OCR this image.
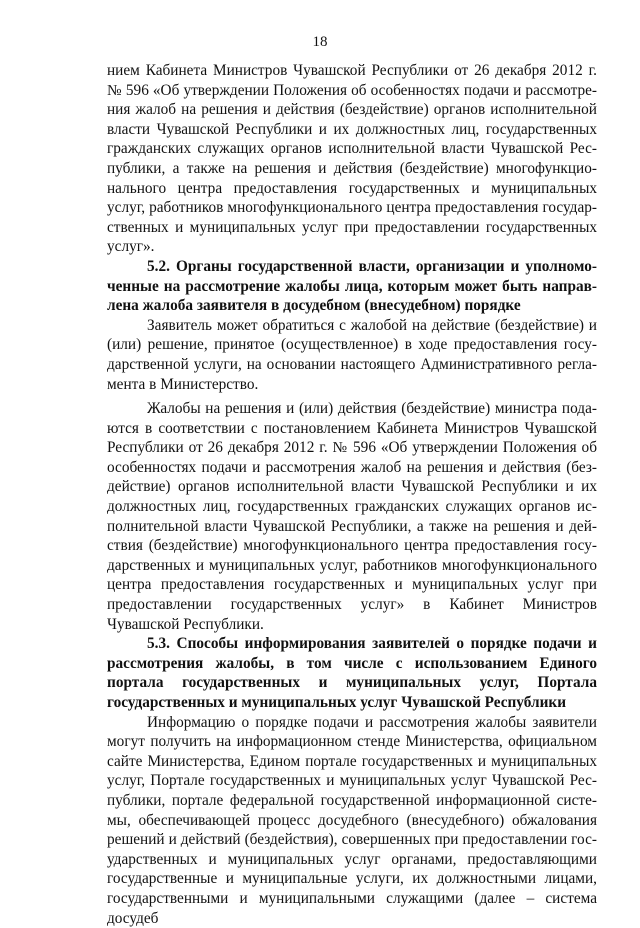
18

нием Кабинета Министров Чувашской Республики от 26 декабря 2012 г. № 596 «Об утверждении Положения об особенностях подачи и рассмотрения жалоб на решения и действия (бездействие) органов исполнительной власти Чувашской Республики и их должностных лиц, государственных гражданских служащих органов исполнительной власти Чувашской Республики, а также на решения и действия (бездействие) многофункционального центра предоставления государственных и муниципальных услуг, работников многофункционального центра предоставления государственных и муниципальных услуг при предоставлении государственных услуг».

5.2. Органы государственной власти, организации и уполномоченные на рассмотрение жалобы лица, которым может быть направлена жалоба заявителя в досудебном (внесудебном) порядке

Заявитель может обратиться с жалобой на действие (бездействие) и (или) решение, принятое (осуществленное) в ходе предоставления государственной услуги, на основании настоящего Административного регламента в Министерство.

Жалобы на решения и (или) действия (бездействие) министра подаются в соответствии с постановлением Кабинета Министров Чувашской Республики от 26 декабря 2012 г. № 596 «Об утверждении Положения об особенностях подачи и рассмотрения жалоб на решения и действия (бездействие) органов исполнительной власти Чувашской Республики и их должностных лиц, государственных гражданских служащих органов исполнительной власти Чувашской Республики, а также на решения и действия (бездействие) многофункционального центра предоставления государственных и муниципальных услуг, работников многофункционального центра предоставления государственных и муниципальных услуг при предоставлении государственных услуг» в Кабинет Министров Чувашской Республики.

5.3. Способы информирования заявителей о порядке подачи и рассмотрения жалобы, в том числе с использованием Единого портала государственных и муниципальных услуг, Портала государственных и муниципальных услуг Чувашской Республики

Информацию о порядке подачи и рассмотрения жалобы заявители могут получить на информационном стенде Министерства, официальном сайте Министерства, Едином портале государственных и муниципальных услуг, Портале государственных и муниципальных услуг Чувашской Республики, портале федеральной государственной информационной системы, обеспечивающей процесс досудебного (внесудебного) обжалования решений и действий (бездействия), совершенных при предоставлении государственных и муниципальных услуг органами, предоставляющими государственные и муниципальные услуги, их должностными лицами, государственными и муниципальными служащими (далее – система досудеб
